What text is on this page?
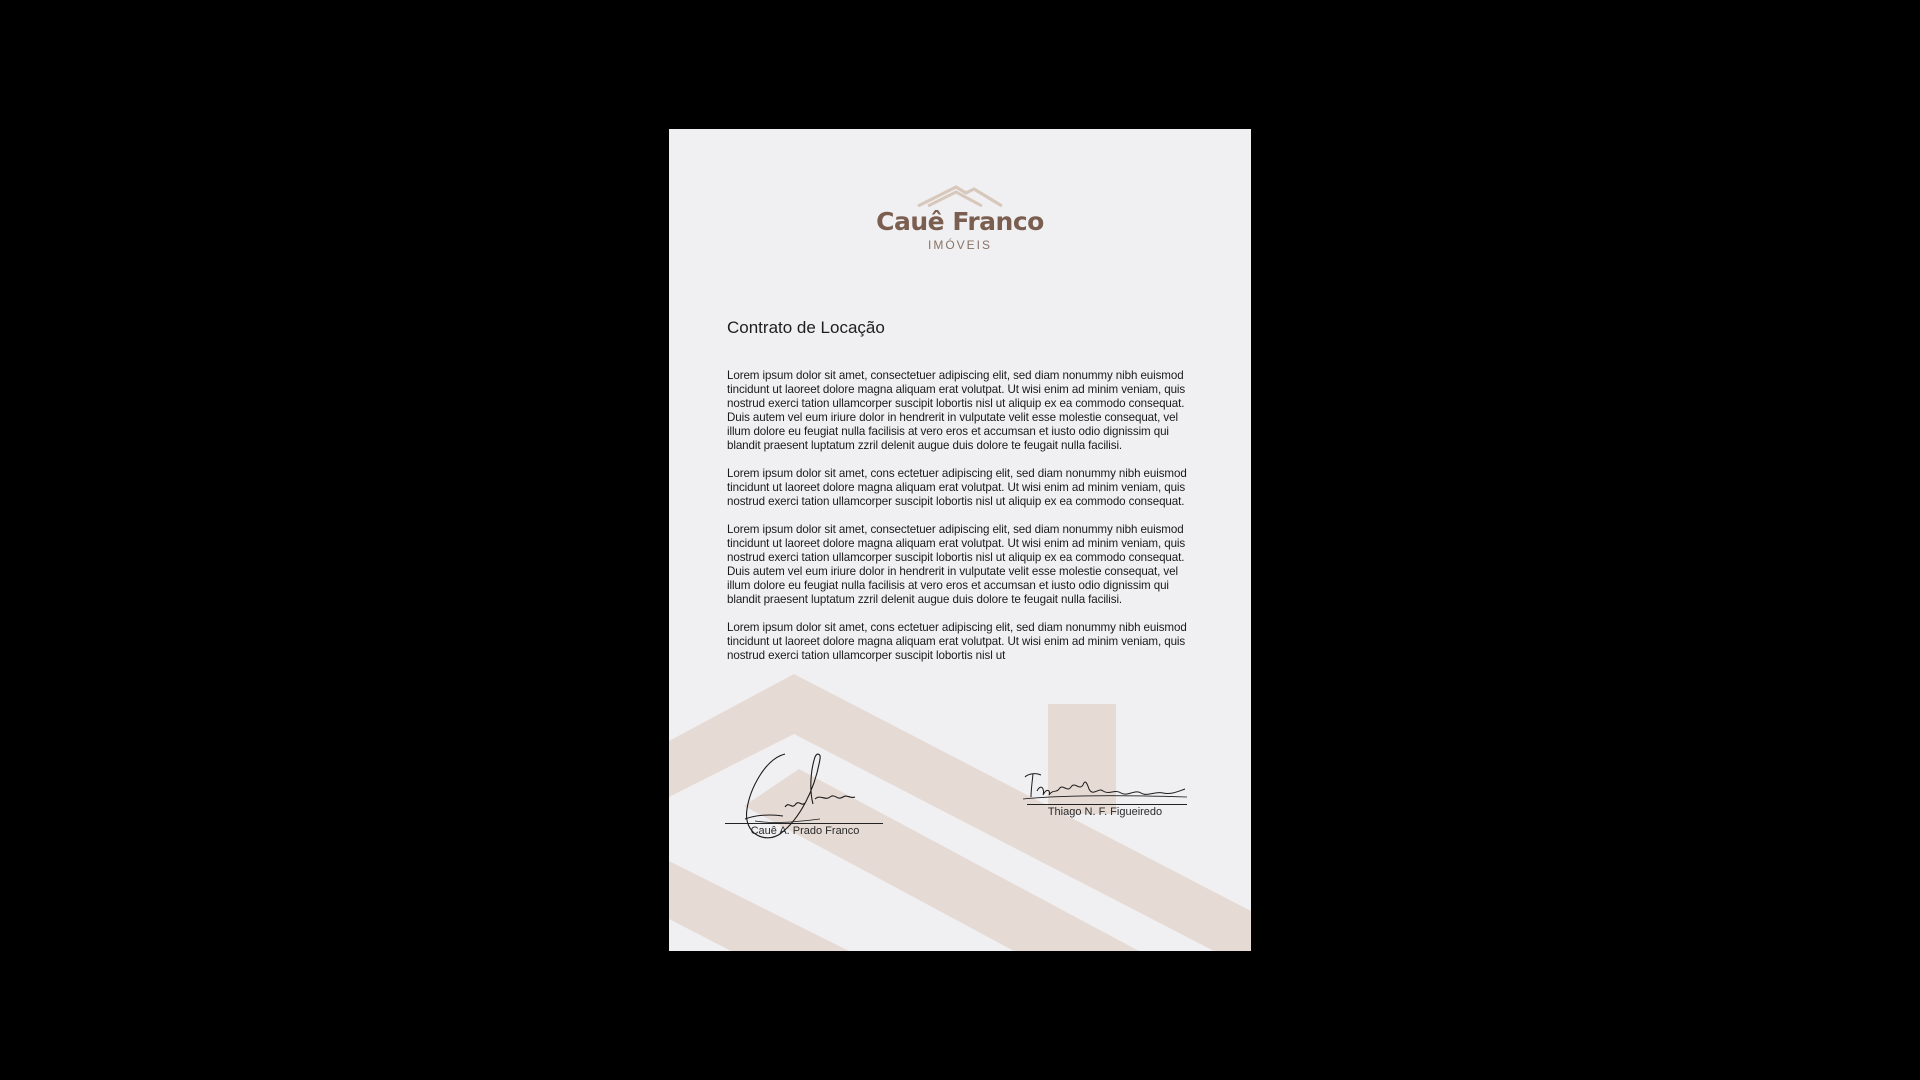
Cauê Franco
IMÓVEIS
Contrato de Locação

Lorem ipsum dolor sit amet, consectetuer adipiscing elit, sed diam nonummy nibh euismod tincidunt ut laoreet dolore magna aliquam erat volutpat. Ut wisi enim ad minim veniam, quis nostrud exerci tation ullamcorper suscipit lobortis nisl ut aliquip ex ea commodo consequat. Duis autem vel eum iriure dolor in hendrerit in vulputate velit esse molestie consequat, vel illum dolore eu feugiat nulla facilisis at vero eros et accumsan et iusto odio dignissim qui blandit praesent luptatum zzril delenit augue duis dolore te feugait nulla facilisi.

Lorem ipsum dolor sit amet, cons ectetuer adipiscing elit, sed diam nonummy nibh euismod tincidunt ut laoreet dolore magna aliquam erat volutpat. Ut wisi enim ad minim veniam, quis nostrud exerci tation ullamcorper suscipit lobortis nisl ut aliquip ex ea commodo consequat.

Lorem ipsum dolor sit amet, consectetuer adipiscing elit, sed diam nonummy nibh euismod tincidunt ut laoreet dolore magna aliquam erat volutpat. Ut wisi enim ad minim veniam, quis nostrud exerci tation ullamcorper suscipit lobortis nisl ut aliquip ex ea commodo consequat. Duis autem vel eum iriure dolor in hendrerit in vulputate velit esse molestie consequat, vel illum dolore eu feugiat nulla facilisis at vero eros et accumsan et iusto odio dignissim qui blandit praesent luptatum zzril delenit augue duis dolore te feugait nulla facilisi.

Lorem ipsum dolor sit amet, cons ectetuer adipiscing elit, sed diam nonummy nibh euismod tincidunt ut laoreet dolore magna aliquam erat volutpat. Ut wisi enim ad minim veniam, quis nostrud exerci tation ullamcorper suscipit lobortis nisl ut

Cauê A. Prado Franco
Thiago N. F. Figueiredo
